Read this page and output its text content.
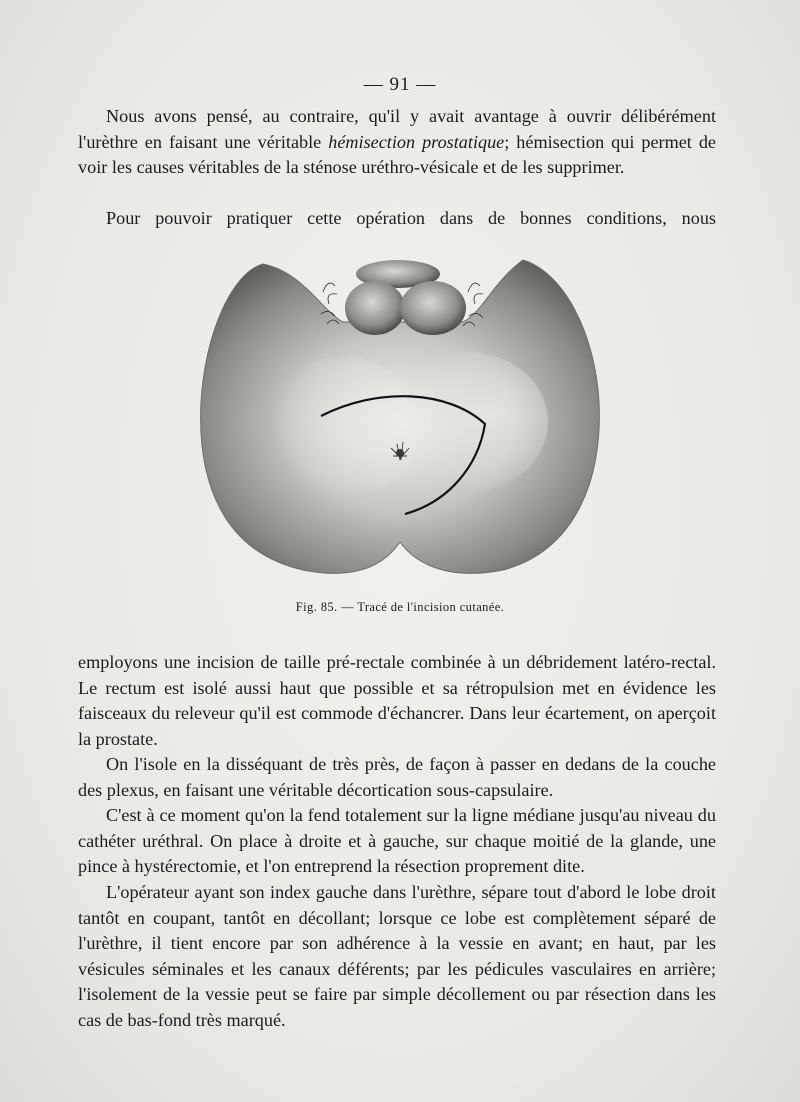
— 91 —

Nous avons pensé, au contraire, qu'il y avait avantage à ouvrir délibérément l'urèthre en faisant une véritable hémisection prostatique; hémisection qui permet de voir les causes véritables de la sténose uréthro-vésicale et de les supprimer.

Pour pouvoir pratiquer cette opération dans de bonnes conditions, nous

Fig. 85. — Tracé de l'incision cutanée.

employons une incision de taille pré-rectale combinée à un débridement latéro-rectal. Le rectum est isolé aussi haut que possible et sa rétropulsion met en évidence les faisceaux du releveur qu'il est commode d'échancrer. Dans leur écartement, on aperçoit la prostate.

On l'isole en la disséquant de très près, de façon à passer en dedans de la couche des plexus, en faisant une véritable décortication sous-capsulaire.

C'est à ce moment qu'on la fend totalement sur la ligne médiane jusqu'au niveau du cathéter uréthral. On place à droite et à gauche, sur chaque moitié de la glande, une pince à hystérectomie, et l'on entreprend la résection proprement dite.

L'opérateur ayant son index gauche dans l'urèthre, sépare tout d'abord le lobe droit tantôt en coupant, tantôt en décollant; lorsque ce lobe est complètement séparé de l'urèthre, il tient encore par son adhérence à la vessie en avant; en haut, par les vésicules séminales et les canaux déférents; par les pédicules vasculaires en arrière; l'isolement de la vessie peut se faire par simple décollement ou par résection dans les cas de bas-fond très marqué.
